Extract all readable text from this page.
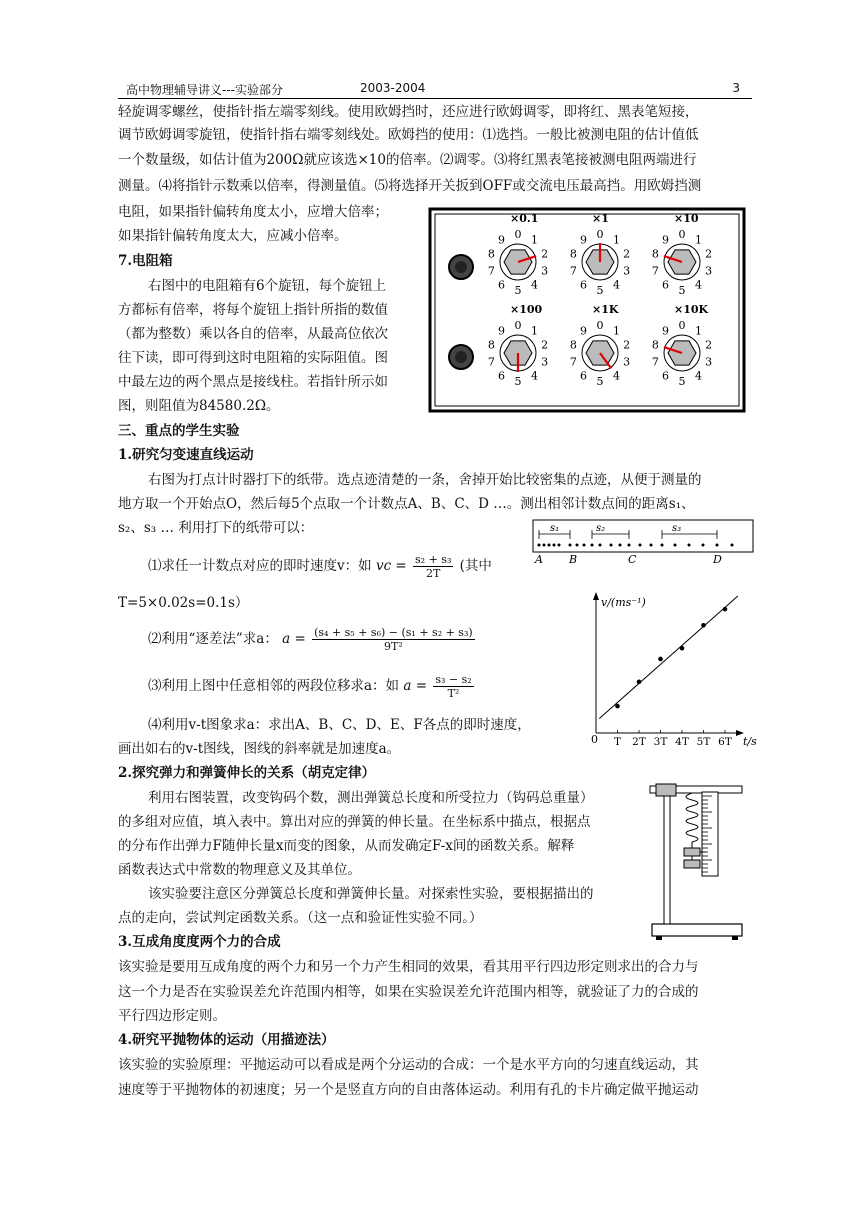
高中物理辅导讲义---实验部分	2003-2004	3
轻旋调零螺丝，使指针指左端零刻线。使用欧姆挡时，还应进行欧姆调零，即将红、黑表笔短接，
调节欧姆调零旋钮，使指针指右端零刻线处。欧姆挡的使用：⑴选挡。一般比被测电阻的估计值低
一个数量级，如估计值为200Ω就应该选×10的倍率。⑵调零。⑶将红黑表笔接被测电阻两端进行
测量。⑷将指针示数乘以倍率，得测量值。⑸将选择开关扳到OFF或交流电压最高挡。用欧姆挡测
电阻，如果指针偏转角度太小，应增大倍率；
如果指针偏转角度太大，应减小倍率。
7.电阻箱
右图中的电阻箱有6个旋钮，每个旋钮上
方都标有倍率，将每个旋钮上指针所指的数值
（都为整数）乘以各自的倍率，从最高位依次
往下读，即可得到这时电阻箱的实际阻值。图
中最左边的两个黑点是接线柱。若指针所示如
图，则阻值为84580.2Ω。
×0.1
0 1
2
3
4
5
6
7
8
9
×1
0 1
2
3
4
5
6
7
8
9
×10
0 1
2
3
4
5
6
7
8
9
×100
0 1
2
3
4
5
6
7
8
9
×1K
0 1
2
3
4
5
6
7
8
9
×10K
0 1
2
3
4
5
6
7
8
9
三、重点的学生实验
1.研究匀变速直线运动
右图为打点计时器打下的纸带。选点迹清楚的一条，舍掉开始比较密集的点迹，从便于测量的
地方取一个开始点O，然后每5个点取一个计数点A、B、C、D …。测出相邻计数点间的距离s₁、
s₂、s₃ … 利用打下的纸带可以：
A B	C	D
s₁	s₂	s₃
⑴求任一计数点对应的即时速度v：如 vc = $\frac{\text{s₂ + s₃}}{2T}$ (其中
T=5×0.02s=0.1s）
⑵利用“逐差法”求a： $a = \frac{\text{(s₄ + s₅ + s₆) − (s₁ + s₂ + s₃)}}{\text{9T²}}$
⑶利用上图中任意相邻的两段位移求a：如 $a = \frac{\text{s₃ − s₂}}{\text{T²}}$
⑷利用v-t图象求a：求出A、B、C、D、E、F各点的即时速度，
画出如右的v-t图线，图线的斜率就是加速度a。
v/(ms⁻¹)
t/s
0 T 2T 3T 4T 5T 6T
2.探究弹力和弹簧伸长的关系（胡克定律）
利用右图装置，改变钩码个数，测出弹簧总长度和所受拉力（钩码总重量）
的多组对应值，填入表中。算出对应的弹簧的伸长量。在坐标系中描点，根据点
的分布作出弹力F随伸长量x而变的图象，从而发确定F-x间的函数关系。解释
函数表达式中常数的物理意义及其单位。
该实验要注意区分弹簧总长度和弹簧伸长量。对探索性实验，要根据描出的
点的走向，尝试判定函数关系。（这一点和验证性实验不同。）
3.互成角度度两个力的合成
该实验是要用互成角度的两个力和另一个力产生相同的效果，看其用平行四边形定则求出的合力与
这一个力是否在实验误差允许范围内相等，如果在实验误差允许范围内相等，就验证了力的合成的
平行四边形定则。
4.研究平抛物体的运动（用描迹法）
该实验的实验原理：平抛运动可以看成是两个分运动的合成：一个是水平方向的匀速直线运动，其
速度等于平抛物体的初速度；另一个是竖直方向的自由落体运动。利用有孔的卡片确定做平抛运动
